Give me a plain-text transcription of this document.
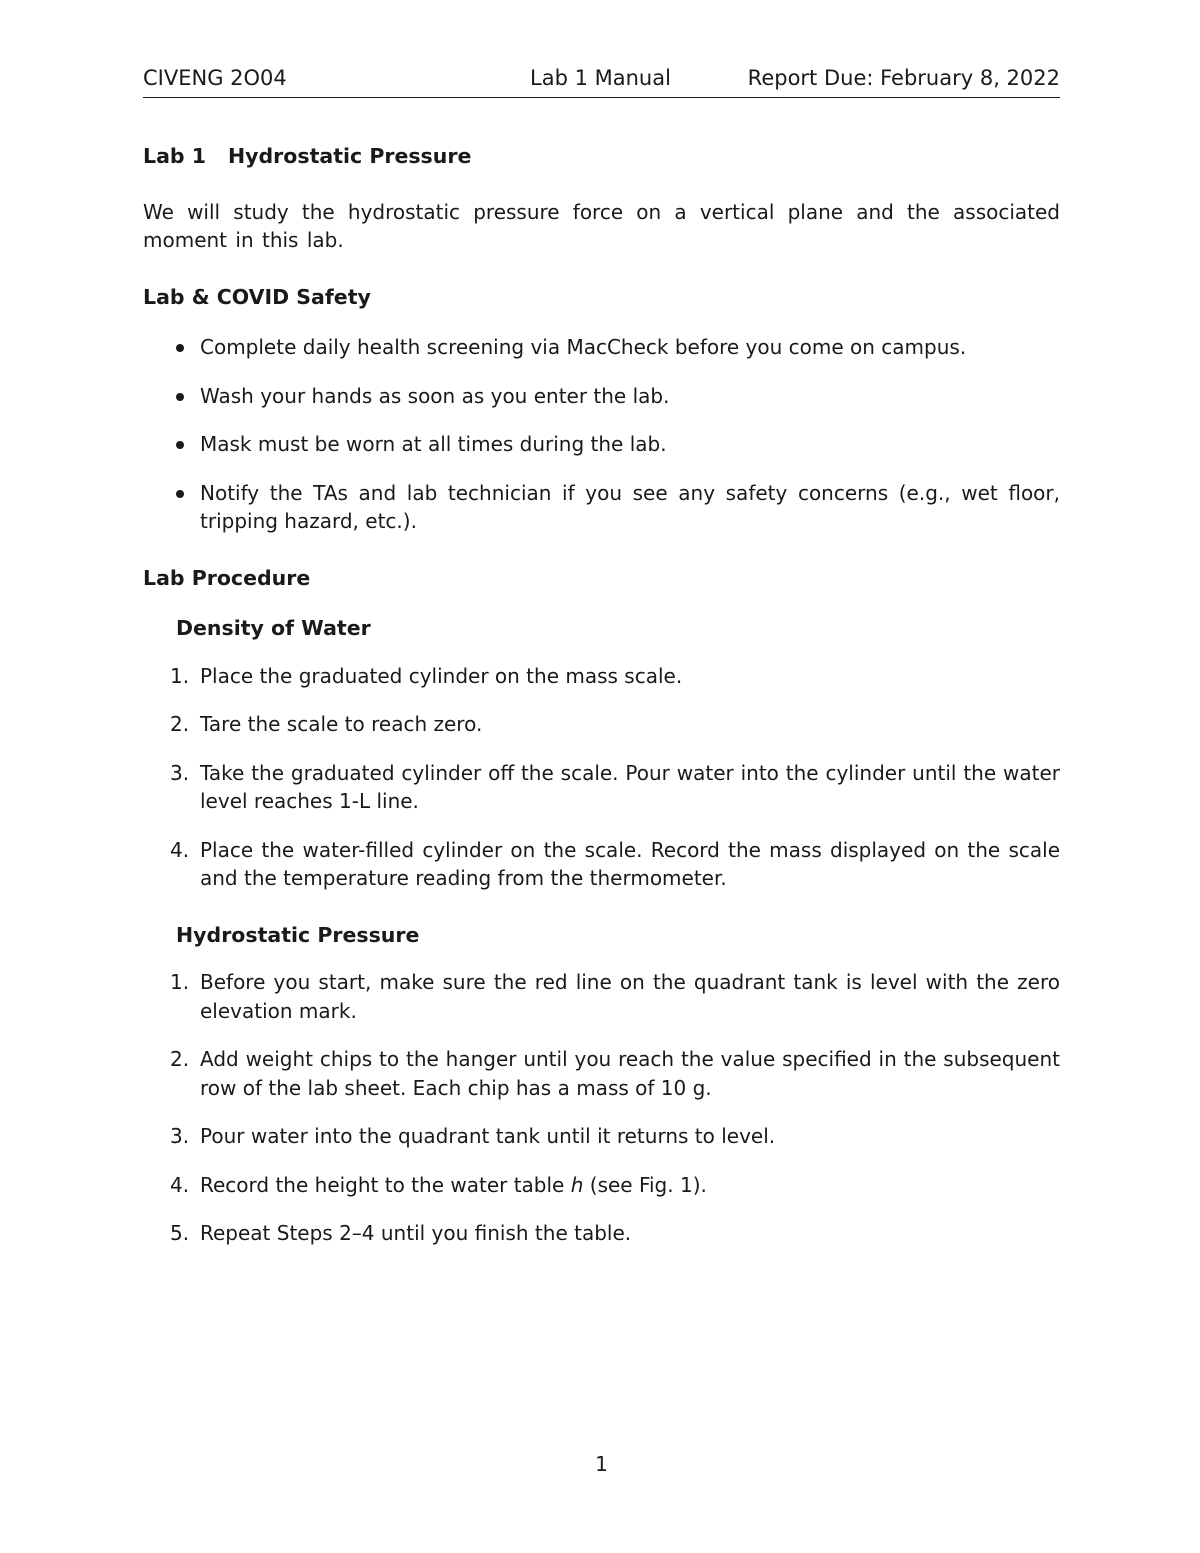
CIVENG 2O04	Lab 1 Manual	Report Due: February 8, 2022
Lab 1 Hydrostatic Pressure

We will study the hydrostatic pressure force on a vertical plane and the associated moment in this lab.

Lab & COVID Safety
Complete daily health screening via MacCheck before you come on campus.
Wash your hands as soon as you enter the lab.
Mask must be worn at all times during the lab.
Notify the TAs and lab technician if you see any safety concerns (e.g., wet floor, tripping hazard, etc.).
Lab Procedure
Density of Water
1. Place the graduated cylinder on the mass scale.
2. Tare the scale to reach zero.
3. Take the graduated cylinder off the scale. Pour water into the cylinder until the water level reaches 1-L line.
4. Place the water-filled cylinder on the scale. Record the mass displayed on the scale and the temperature reading from the thermometer.
Hydrostatic Pressure
1. Before you start, make sure the red line on the quadrant tank is level with the zero elevation mark.
2. Add weight chips to the hanger until you reach the value specified in the subsequent row of the lab sheet. Each chip has a mass of 10 g.
3. Pour water into the quadrant tank until it returns to level.
4. Record the height to the water table h (see Fig. 1).
5. Repeat Steps 2–4 until you finish the table.
1
